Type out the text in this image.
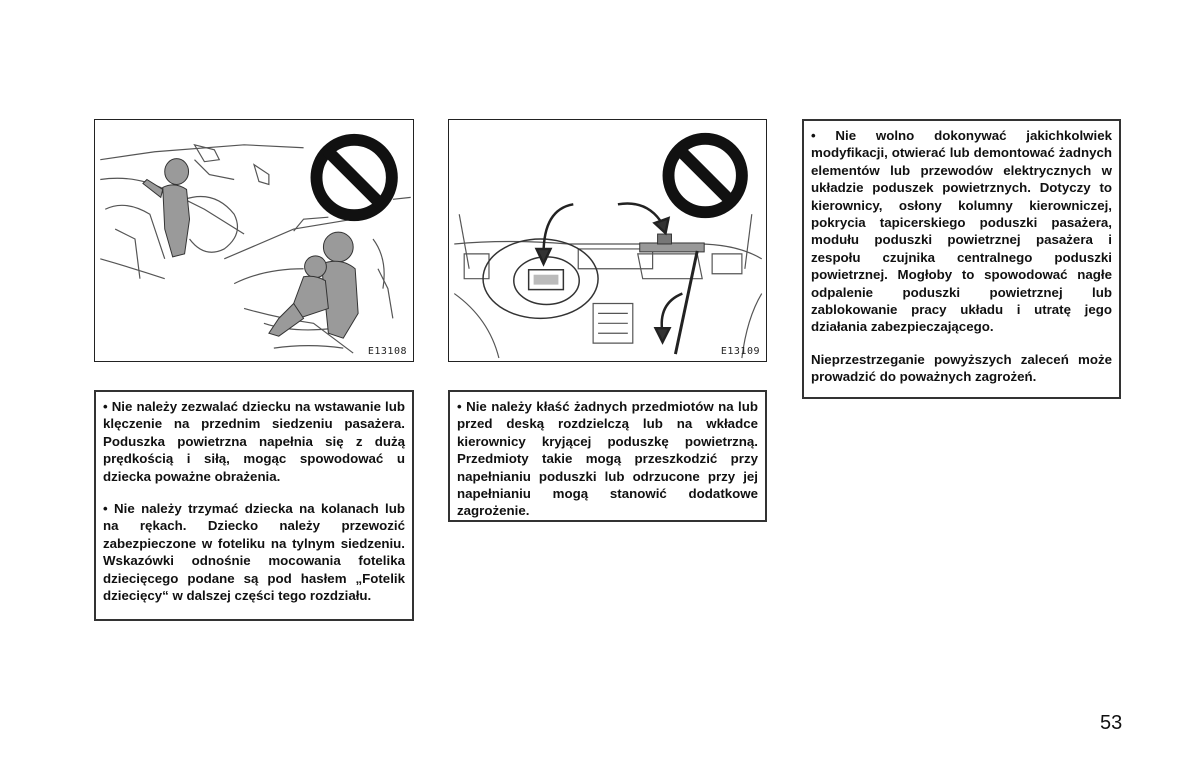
E13108	E13109

• Nie należy zezwalać dziecku na wstawanie lub klęczenie na przednim siedzeniu pasażera. Poduszka powietrzna napełnia się z dużą prędkością i siłą, mogąc spowodować u dziecka poważne obrażenia.

• Nie należy trzymać dziecka na kolanach lub na rękach. Dziecko należy przewozić zabezpieczone w foteliku na tylnym siedzeniu. Wskazówki odnośnie mocowania fotelika dziecięcego podane są pod hasłem „Fotelik dziecięcy“ w dalszej części tego rozdziału.

• Nie należy kłaść żadnych przedmiotów na lub przed deską rozdzielczą lub na wkładce kierownicy kryjącej poduszkę powietrzną. Przedmioty takie mogą przeszkodzić przy napełnianiu poduszki lub odrzucone przy jej napełnianiu mogą stanowić dodatkowe zagrożenie.

• Nie wolno dokonywać jakichkolwiek modyfikacji, otwierać lub demontować żadnych elementów lub przewodów elektrycznych w układzie poduszek powietrznych. Dotyczy to kierownicy, osłony kolumny kierowniczej, pokrycia tapicerskiego poduszki pasażera, modułu poduszki powietrznej pasażera i zespołu czujnika centralnego poduszki powietrznej. Mogłoby to spowodować nagłe odpalenie poduszki powietrznej lub zablokowanie pracy układu i utratę jego działania zabezpieczającego.

Nieprzestrzeganie powyższych zaleceń może prowadzić do poważnych zagrożeń.

53
